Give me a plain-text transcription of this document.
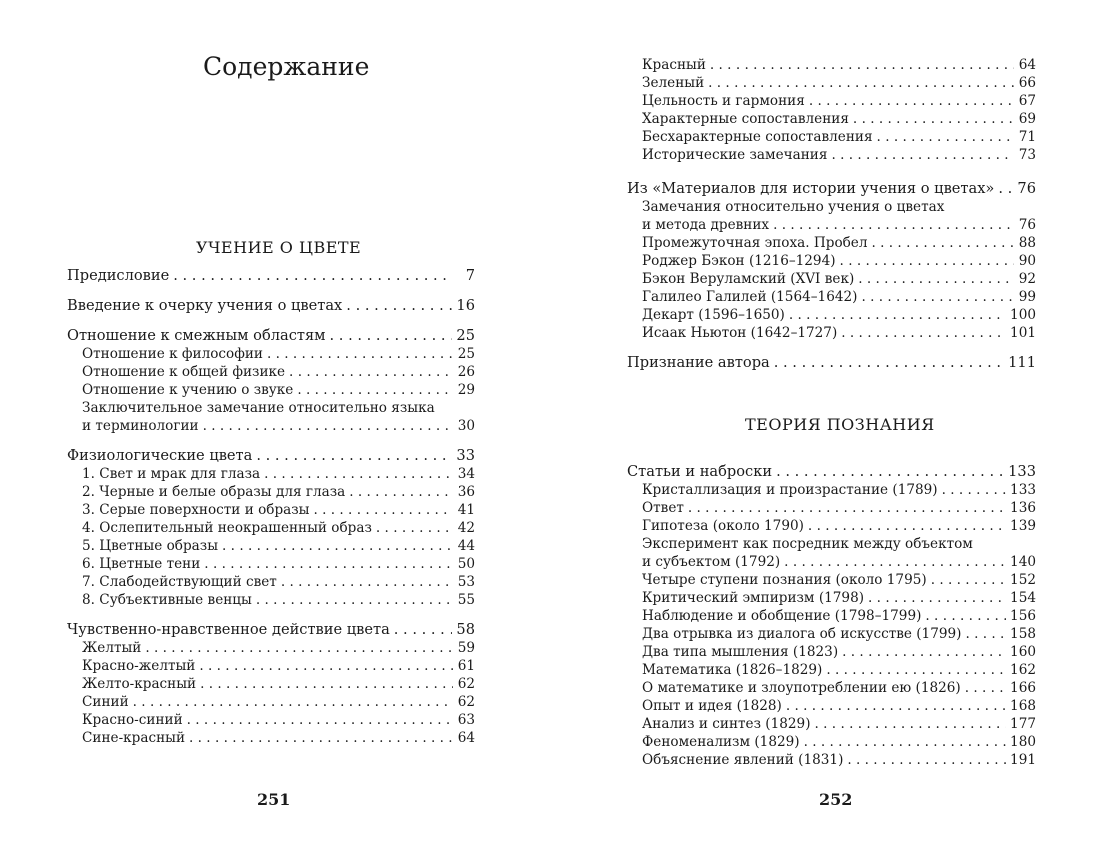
Содержание
УЧЕНИЕ О ЦВЕТЕ
Предисловие . . .	7
Введение к очерку учения о цветах . . .	16
Отношение к смежным областям . . .	25
Отношение к философии . . .	25
Отношение к общей физике . . .	26
Отношение к учению о звуке . . .	29
Заключительное замечание относительно языка
и терминологии . . .	30
Физиологические цвета . . .	33
1. Свет и мрак для глаза . . .	34
2. Черные и белые образы для глаза . . .	36
3. Серые поверхности и образы . . .	41
4. Ослепительный неокрашенный образ . . .	42
5. Цветные образы . . .	44
6. Цветные тени . . .	50
7. Слабодействующий свет . . .	53
8. Субъективные венцы . . .	55
Чувственно-нравственное действие цвета . . .	58
Желтый . . .	59
Красно-желтый . . .	61
Желто-красный . . .	62
Синий . . .	62
Красно-синий . . .	63
Сине-красный . . .	64
251
Красный . . .	64
Зеленый . . .	66
Цельность и гармония . . .	67
Характерные сопоставления . . .	69
Бесхарактерные сопоставления . . .	71
Исторические замечания . . .	73
Из «Материалов для истории учения о цветах» . . . 76
Замечания относительно учения о цветах
и метода древних . . .	76
Промежуточная эпоха. Пробел . . .	88
Роджер Бэкон (1216–1294) . . .	90
Бэкон Веруламский (XVI век) . . .	92
Галилео Галилей (1564–1642) . . .	99
Декарт (1596–1650) . . .	100
Исаак Ньютон (1642–1727) . . .	101
Признание автора . . .	111
ТЕОРИЯ ПОЗНАНИЯ
Статьи и наброски . . .	133
Кристаллизация и произрастание (1789) . . .	133
Ответ . . .	136
Гипотеза (около 1790) . . .	139
Эксперимент как посредник между объектом
и субъектом (1792) . . .	140
Четыре ступени познания (около 1795) . . .	152
Критический эмпиризм (1798) . . .	154
Наблюдение и обобщение (1798–1799) . . .	156
Два отрывка из диалога об искусстве (1799) . . .	158
Два типа мышления (1823) . . .	160
Математика (1826–1829) . . .	162
О математике и злоупотреблении ею (1826) . . .	166
Опыт и идея (1828) . . .	168
Анализ и синтез (1829) . . .	177
Феноменализм (1829) . . .	180
Объяснение явлений (1831) . . .	191
252
